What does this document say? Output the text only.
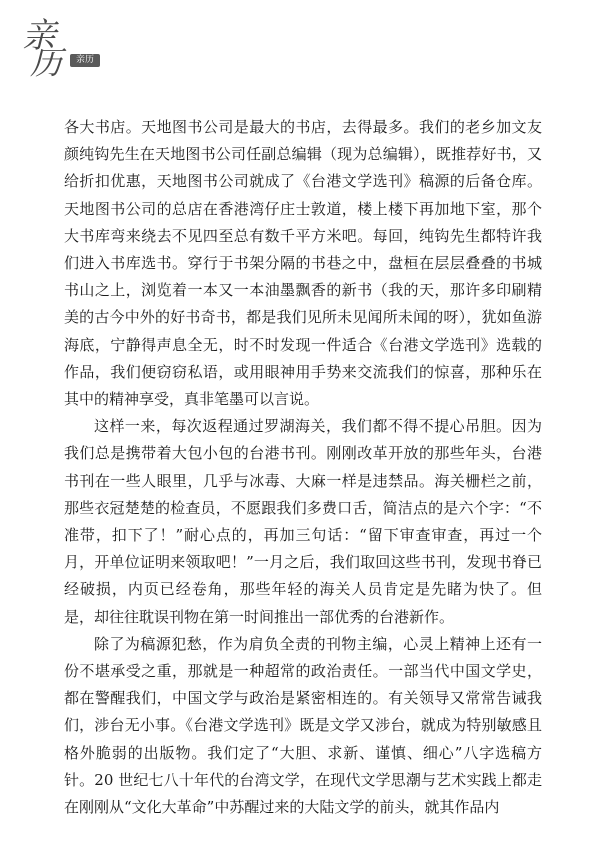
亲
历	亲历

各大书店。天地图书公司是最大的书店，去得最多。我们的老乡加文友颜纯钩先生在天地图书公司任副总编辑（现为总编辑），既推荐好书，又给折扣优惠，天地图书公司就成了《台港文学选刊》稿源的后备仓库。天地图书公司的总店在香港湾仔庄士敦道，楼上楼下再加地下室，那个大书库弯来绕去不见四至总有数千平方米吧。每回，纯钩先生都特许我们进入书库选书。穿行于书架分隔的书巷之中，盘桓在层层叠叠的书城书山之上，浏览着一本又一本油墨飘香的新书（我的天，那许多印刷精美的古今中外的好书奇书，都是我们见所未见闻所未闻的呀），犹如鱼游海底，宁静得声息全无，时不时发现一件适合《台港文学选刊》选载的作品，我们便窃窃私语，或用眼神用手势来交流我们的惊喜，那种乐在其中的精神享受，真非笔墨可以言说。

这样一来，每次返程通过罗湖海关，我们都不得不提心吊胆。因为我们总是携带着大包小包的台港书刊。刚刚改革开放的那些年头，台港书刊在一些人眼里，几乎与冰毒、大麻一样是违禁品。海关栅栏之前，那些衣冠楚楚的检查员，不愿跟我们多费口舌，简洁点的是六个字：“不准带，扣下了！”耐心点的，再加三句话：“留下审查审查，再过一个月，开单位证明来领取吧！”一月之后，我们取回这些书刊，发现书脊已经破损，内页已经卷角，那些年轻的海关人员肯定是先睹为快了。但是，却往往耽误刊物在第一时间推出一部优秀的台港新作。

除了为稿源犯愁，作为肩负全责的刊物主编，心灵上精神上还有一份不堪承受之重，那就是一种超常的政治责任。一部当代中国文学史，都在警醒我们，中国文学与政治是紧密相连的。有关领导又常常告诫我们，涉台无小事。《台港文学选刊》既是文学又涉台，就成为特别敏感且格外脆弱的出版物。我们定了“大胆、求新、谨慎、细心”八字选稿方针。20 世纪七八十年代的台湾文学，在现代文学思潮与艺术实践上都走在刚刚从“文化大革命”中苏醒过来的大陆文学的前头，就其作品内
